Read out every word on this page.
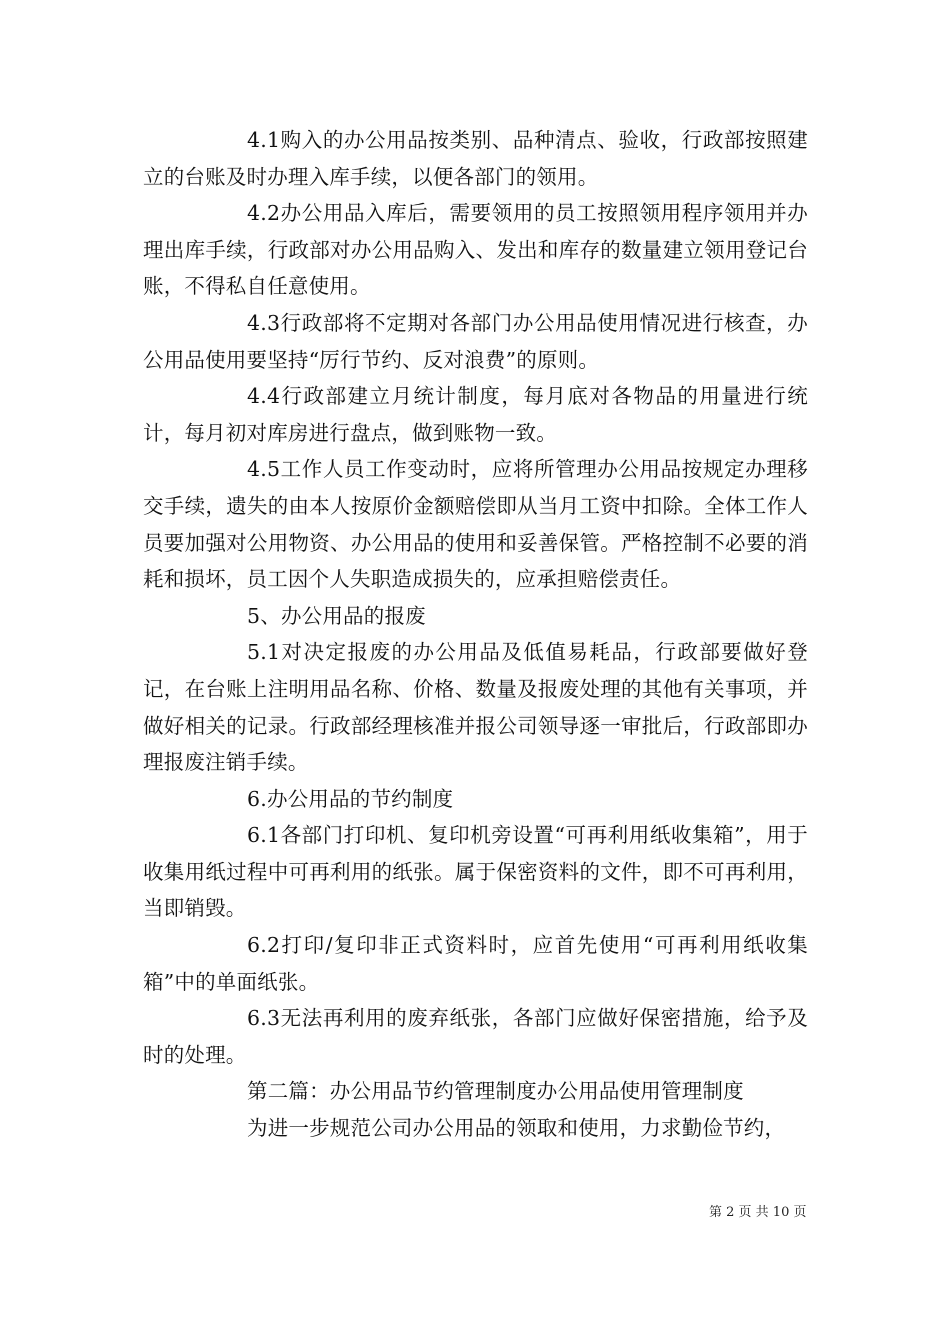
4.1购入的办公用品按类别、品种清点、验收，行政部按照建立的台账及时办理入库手续，以便各部门的领用。

4.2办公用品入库后，需要领用的员工按照领用程序领用并办理出库手续，行政部对办公用品购入、发出和库存的数量建立领用登记台账，不得私自任意使用。

4.3行政部将不定期对各部门办公用品使用情况进行核查，办公用品使用要坚持“厉行节约、反对浪费”的原则。

4.4行政部建立月统计制度，每月底对各物品的用量进行统计，每月初对库房进行盘点，做到账物一致。

4.5工作人员工作变动时，应将所管理办公用品按规定办理移交手续，遗失的由本人按原价金额赔偿即从当月工资中扣除。全体工作人员要加强对公用物资、办公用品的使用和妥善保管。严格控制不必要的消耗和损坏，员工因个人失职造成损失的，应承担赔偿责任。

5、办公用品的报废

5.1对决定报废的办公用品及低值易耗品，行政部要做好登记，在台账上注明用品名称、价格、数量及报废处理的其他有关事项，并做好相关的记录。行政部经理核准并报公司领导逐一审批后，行政部即办理报废注销手续。

6.办公用品的节约制度

6.1各部门打印机、复印机旁设置“可再利用纸收集箱”，用于收集用纸过程中可再利用的纸张。属于保密资料的文件，即不可再利用，当即销毁。

6.2打印/复印非正式资料时，应首先使用“可再利用纸收集箱”中的单面纸张。

6.3无法再利用的废弃纸张，各部门应做好保密措施，给予及时的处理。

第二篇：办公用品节约管理制度办公用品使用管理制度

为进一步规范公司办公用品的领取和使用，力求勤俭节约，

第 2 页 共 10 页
